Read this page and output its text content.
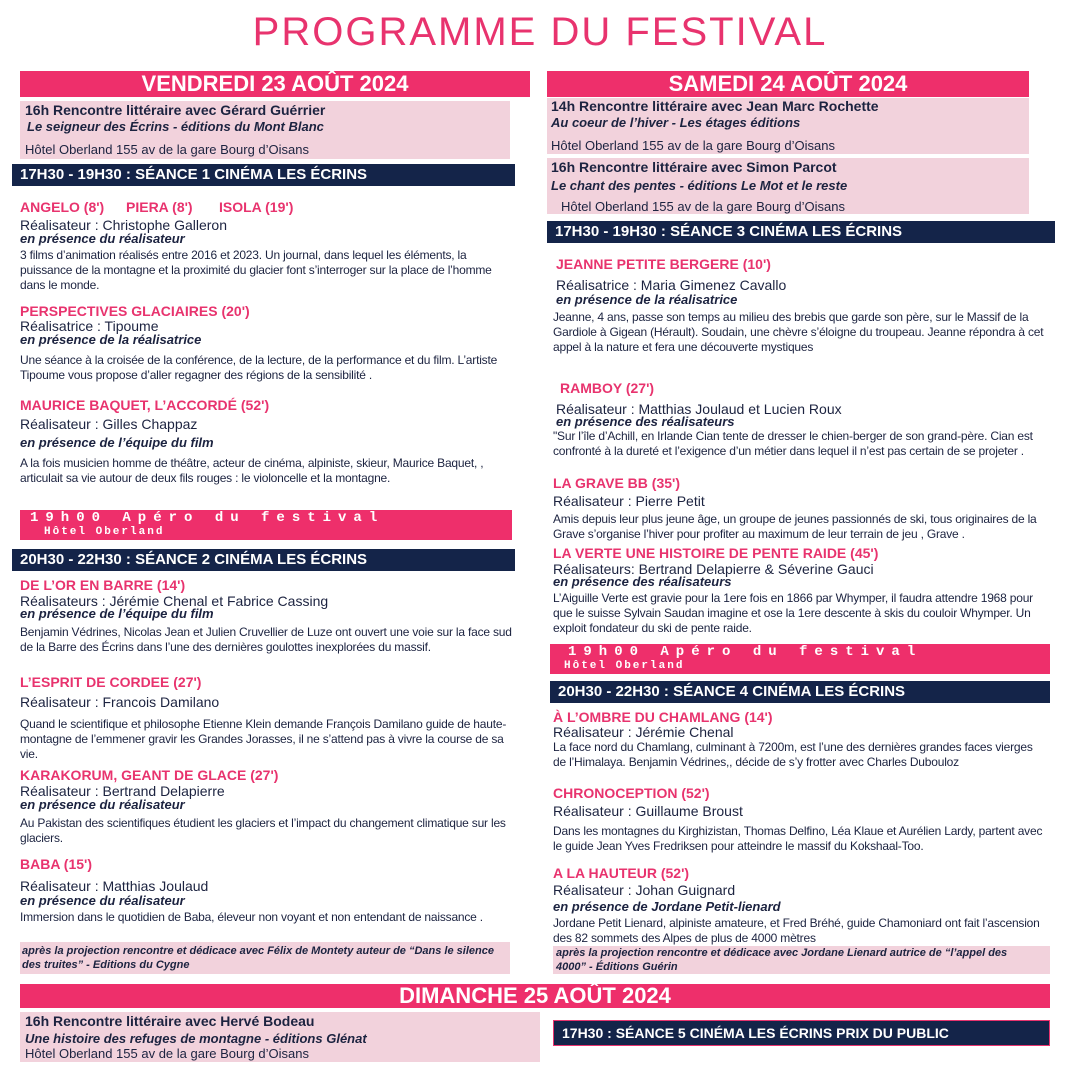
PROGRAMME DU FESTIVAL
VENDREDI 23 AOÛT 2024
16h Rencontre littéraire avec Gérard Guérrier
Le seigneur des Écrins - éditions du Mont Blanc
Hôtel Oberland 155 av de la gare Bourg d’Oisans
17H30 - 19H30 : SÉANCE 1 CINÉMA LES ÉCRINS
ANGELO (8') PIERA (8') ISOLA (19')
Réalisateur : Christophe Galleron
en présence du réalisateur
3 films d’animation réalisés entre 2016 et 2023. Un journal, dans lequel les éléments, la puissance de la montagne et la proximité du glacier font s’interroger sur la place de l’homme dans le monde.
PERSPECTIVES GLACIAIRES (20')
Réalisatrice : Tipoume
en présence de la réalisatrice
Une séance à la croisée de la conférence, de la lecture, de la performance et du film. L’artiste Tipoume vous propose d’aller regagner des régions de la sensibilité .
MAURICE BAQUET, L’ACCORDÉ (52')
Réalisateur : Gilles Chappaz
en présence de l’équipe du film
A la fois musicien homme de théâtre, acteur de cinéma, alpiniste, skieur, Maurice Baquet, , articulait sa vie autour de deux fils rouges : le violoncelle et la montagne.
19h00 Apéro du festival
Hôtel Oberland
20H30 - 22H30 : SÉANCE 2 CINÉMA LES ÉCRINS
DE L’OR EN BARRE (14')
Réalisateurs : Jérémie Chenal et Fabrice Cassing
en présence de l’équipe du film
Benjamin Védrines, Nicolas Jean et Julien Cruvellier de Luze ont ouvert une voie sur la face sud de la Barre des Écrins dans l’une des dernières goulottes inexplorées du massif.
L’ESPRIT DE CORDEE (27')
Réalisateur : Francois Damilano
Quand le scientifique et philosophe Etienne Klein demande François Damilano guide de haute-montagne de l’emmener gravir les Grandes Jorasses, il ne s’attend pas à vivre la course de sa vie.
KARAKORUM, GEANT DE GLACE (27')
Réalisateur : Bertrand Delapierre
en présence du réalisateur
Au Pakistan des scientifiques étudient les glaciers et l’impact du changement climatique sur les glaciers.
BABA (15')
Réalisateur : Matthias Joulaud
en présence du réalisateur
Immersion dans le quotidien de Baba, éleveur non voyant et non entendant de naissance .
après la projection rencontre et dédicace avec Félix de Montety auteur de “Dans le silence des truites” - Editions du Cygne
SAMEDI 24 AOÛT 2024
14h Rencontre littéraire avec Jean Marc Rochette
Au coeur de l’hiver - Les étages éditions
Hôtel Oberland 155 av de la gare Bourg d’Oisans
16h Rencontre littéraire avec Simon Parcot
Le chant des pentes - éditions Le Mot et le reste
Hôtel Oberland 155 av de la gare Bourg d’Oisans
17H30 - 19H30 : SÉANCE 3 CINÉMA LES ÉCRINS
JEANNE PETITE BERGERE (10')
Réalisatrice : Maria Gimenez Cavallo
en présence de la réalisatrice
Jeanne, 4 ans, passe son temps au milieu des brebis que garde son père, sur le Massif de la Gardiole à Gigean (Hérault). Soudain, une chèvre s’éloigne du troupeau. Jeanne répondra à cet appel à la nature et fera une découverte mystiques
RAMBOY (27')
Réalisateur : Matthias Joulaud et Lucien Roux
en présence des réalisateurs
"Sur l’île d’Achill, en Irlande Cian tente de dresser le chien-berger de son grand-père. Cian est confronté à la dureté et l’exigence d’un métier dans lequel il n’est pas certain de se projeter .
LA GRAVE BB (35')
Réalisateur : Pierre Petit
Amis depuis leur plus jeune âge, un groupe de jeunes passionnés de ski, tous originaires de la Grave s’organise l’hiver pour profiter au maximum de leur terrain de jeu , Grave .
LA VERTE UNE HISTOIRE DE PENTE RAIDE (45')
Réalisateurs: Bertrand Delapierre & Séverine Gauci
en présence des réalisateurs
L’Aiguille Verte est gravie pour la 1ere fois en 1866 par Whymper, il faudra attendre 1968 pour que le suisse Sylvain Saudan imagine et ose la 1ere descente à skis du couloir Whymper. Un exploit fondateur du ski de pente raide.
19h00 Apéro du festival
Hôtel Oberland
20H30 - 22H30 : SÉANCE 4 CINÉMA LES ÉCRINS
À L’OMBRE DU CHAMLANG (14')
Réalisateur : Jérémie Chenal
La face nord du Chamlang, culminant à 7200m, est l’une des dernières grandes faces vierges de l’Himalaya. Benjamin Védrines,, décide de s’y frotter avec Charles Dubouloz
CHRONOCEPTION (52')
Réalisateur : Guillaume Broust
Dans les montagnes du Kirghizistan, Thomas Delfino, Léa Klaue et Aurélien Lardy, partent avec le guide Jean Yves Fredriksen pour atteindre le massif du Kokshaal-Too.
A LA HAUTEUR (52')
Réalisateur : Johan Guignard
en présence de Jordane Petit-lienard
Jordane Petit Lienard, alpiniste amateure, et Fred Bréhé, guide Chamoniard ont fait l’ascension des 82 sommets des Alpes de plus de 4000 mètres
après la projection rencontre et dédicace avec Jordane Lienard autrice de “l’appel des 4000” - Éditions Guérin
DIMANCHE 25 AOÛT 2024
16h Rencontre littéraire avec Hervé Bodeau
Une histoire des refuges de montagne - éditions Glénat
Hôtel Oberland 155 av de la gare Bourg d’Oisans
17H30 : SÉANCE 5 CINÉMA LES ÉCRINS PRIX DU PUBLIC
